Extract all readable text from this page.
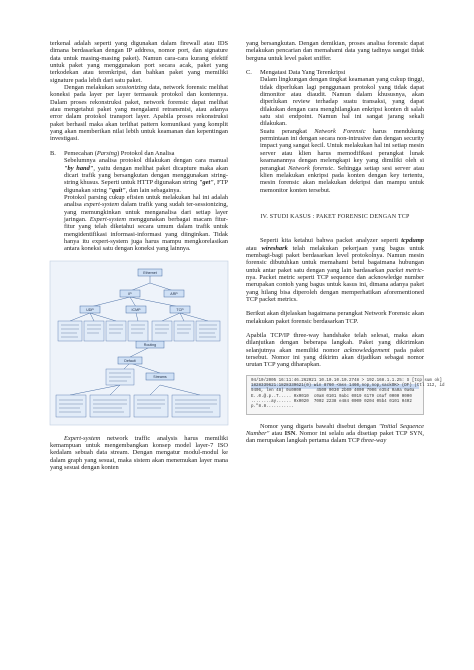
terkenal adalah seperti yang digunakan dalam firewall atau IDS dimana berdasarkan dengan IP address, nomor port, dan signature data untuk masing-masing paket). Namun cara-cara kurang efektif untuk paket yang menggunakan port secara acak, paket yang terkodekan atau terenkripsi, dan bahkan paket yang memiliki signature pada lebih dari satu paket.

Dengan melakukan sessionizing data, network forensic melihat koneksi pada layer per layer termasuk protokol dan kontennya. Dalam proses rekonstruksi paket, network forensic dapat melihat atau mengetahui paket yang mengalami retransmisi, atau adanya error dalam protokol transport layer. Apabila proses rekonstruksi paket berhasil maka akan terlihat pattern komunikasi yang komplit yang akan memberikan nilai lebih untuk keamanan dan kepentingan investigasi.

B. Pemecahan (Parsing) Protokol dan Analisa

Sebelumnya analisa protokol dilakukan dengan cara manual "by hand", yaitu dengan melihat paket dicapture maka akan dicari trafik yang bersangkutan dengan menggunakan string-string khusus. Seperti untuk HTTP digunakan string "get", FTP digunakan string "quit", dan lain sebagainya.

Protokol parsing cukup efisien untuk melakukan hal ini adalah analisa expert-system dalam trafik yang sudah ter-sessionizing, yang memungkinkan untuk menganalisa dari setiap layer jaringan. Expert-system menggunakan berbagai macam fitur-fitur yang telah diketahui secara umum dalam trafik untuk mengidentifikasi informasi-informasi yang diinginkan. Tidak hanya itu expert-system juga harus mampu mengkorelasikan antara koneksi satu dengan koneksi yang lainnya.

Ethernet
IP	ARP
UDP	ICMP	TCP
Routing
Default
Streams

Expert-system network traffic analysis harus memiliki kemampuan untuk mengembangkan konsep model layer-7 ISO kedalam sebuah data stream. Dengan mengatur modul-modul ke dalam graph yang sesuai, maka sistem akan menemukan layer mana yang sesuai dengan konten

yang bersangkutan. Dengan demikian, proses analisa forensic dapat melakukan pencarian dan memahami data yang tadinya sangat tidak berguna untuk level paket sniffer.

C. Mengatasi Data Yang Terenkripsi

Dalam lingkungan dengan tingkat keamanan yang cukup tinggi, tidak diperlukan lagi penggunaan protokol yang tidak dapat dimonitor atau diaudit. Namun dalam khususnya, akan diperlukan review terhadap suatu transaksi, yang dapat dilakukan dengan cara menghilangkan enkripsi konten di salah satu sisi endpoint. Namun hal ini sangat jarang sekali dilakukan.

Suatu perangkat Network Forensic harus mendukung permintaan ini dengan secara non-intrusive dan dengan security impact yang sangat kecil. Untuk melakukan hal ini setiap mesin server atau klien harus memodifikasi perangkat lunak keamanannya dengan melengkapi key yang dimiliki oleh si perangkat Network forensic. Sehingga setiap sesi server atau klien melakukan enkripsi pada konten dengan key tertentu, mesin forensic akan melakukan dekripsi dan mampu untuk memonitor konten tersebut.

IV. STUDI KASUS : PAKET FORENSIC DENGAN TCP

Seperti kita ketahui bahwa packet analyzer seperti tcpdump atau wireshark telah melakukan pekerjaan yang bagus untuk membagi-bagi paket berdasarkan level protokolnya. Namun mesin forensic dibutuhkan untuk memahami betul bagaimana hubungan untuk antar paket satu dengan yang lain bardasarkan packet metric-nya. Packet metric seperti TCP sequence dan acknowledge number merupakan contoh yang bagus untuk kasus ini, dimana adanya paket yang hilang bisa diperoleh dengan memperhatikan aforementioned TCP packet metrics.

Berikut akan dijelaskan bagaimana perangkat Network Forensic akan melakukan paket forensic berdasarkan TCP.

Apabila TCP/IP three-way handshake telah selesai, maka akan dilanjutkan dengan beberapa langkah. Paket yang dikirimkan selanjutnya akan memiliki nomor acknowledgement pada paket tersebut. Nomor ini yang dikirim akan dijadikan sebagai nomor urutan TCP yang diharapkan.

04/10/2005 16:11:46.262021 10.10.10.10.2748 > 192.168.1.1.25: S [tcp sum ok]
1828339621:1828339621(0) win 8760 <mss 1460,nop,nop,sackOK> (DF) (ttl 112, id
9406, len 48) 0x0000      4500 0030 2b00 4000 7006 e354 0a0a 0a0a
E..0.@.p..T..... 0x0010  c0a8 0101 0abc 0019 6179 c6af 0000 0000
........ay...... 0x0020  7002 2238 e484 0000 0204 05b4 0101 0402
p."8.8...........

Nomor yang digaris bawahi disebut dengan "Initial Sequence Number" atau ISN. Nomor ini selalu ada disetiap paket TCP SYN, dan merupakan langkah pertama dalam TCP three-way
